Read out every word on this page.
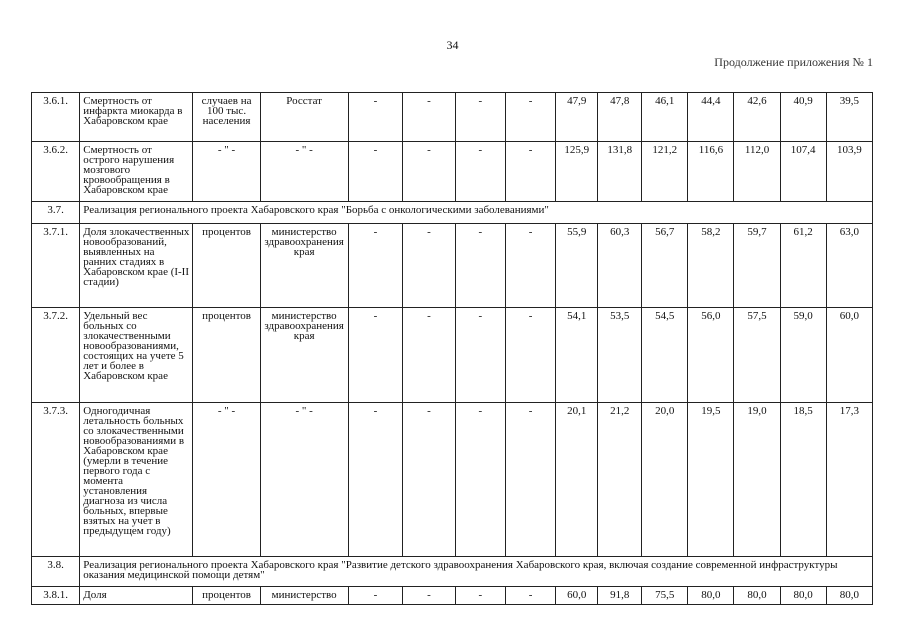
34
Продолжение приложения № 1
3.6.1.	Смертность от инфаркта миокарда в Хабаровском крае	случаев на 100 тыс. населения	Росстат	-	-	-	-	47,9	47,8	46,1	44,4	42,6	40,9	39,5
3.6.2.	Смертность от острого нарушения мозгового кровообращения в Хабаровском крае	- " -	- " -	-	-	-	-	125,9	131,8	121,2	116,6	112,0	107,4	103,9
3.7.	Реализация регионального проекта Хабаровского края "Борьба с онкологическими заболеваниями"													
3.7.1.	Доля злокачественных новообразований, выявленных на ранних стадиях в Хабаровском крае (I-II стадии)	процентов	министерство здравоохранения края	-	-	-	-	55,9	60,3	56,7	58,2	59,7	61,2	63,0
3.7.2.	Удельный вес больных со злокачественными новообразованиями, состоящих на учете 5 лет и более в Хабаровском крае	процентов	министерство здравоохранения края	-	-	-	-	54,1	53,5	54,5	56,0	57,5	59,0	60,0
3.7.3.	Одногодичная летальность больных со злокачественными новообразованиями в Хабаровском крае (умерли в течение первого года с момента установления диагноза из числа больных, впервые взятых на учет в предыдущем году)	- " -	- " -	-	-	-	-	20,1	21,2	20,0	19,5	19,0	18,5	17,3
3.8.	Реализация регионального проекта Хабаровского края "Развитие детского здравоохранения Хабаровского края, включая создание современной инфраструктуры оказания медицинской помощи детям"													
3.8.1.	Доля	процентов	министерство	-	-	-	-	60,0	91,8	75,5	80,0	80,0	80,0	80,0
